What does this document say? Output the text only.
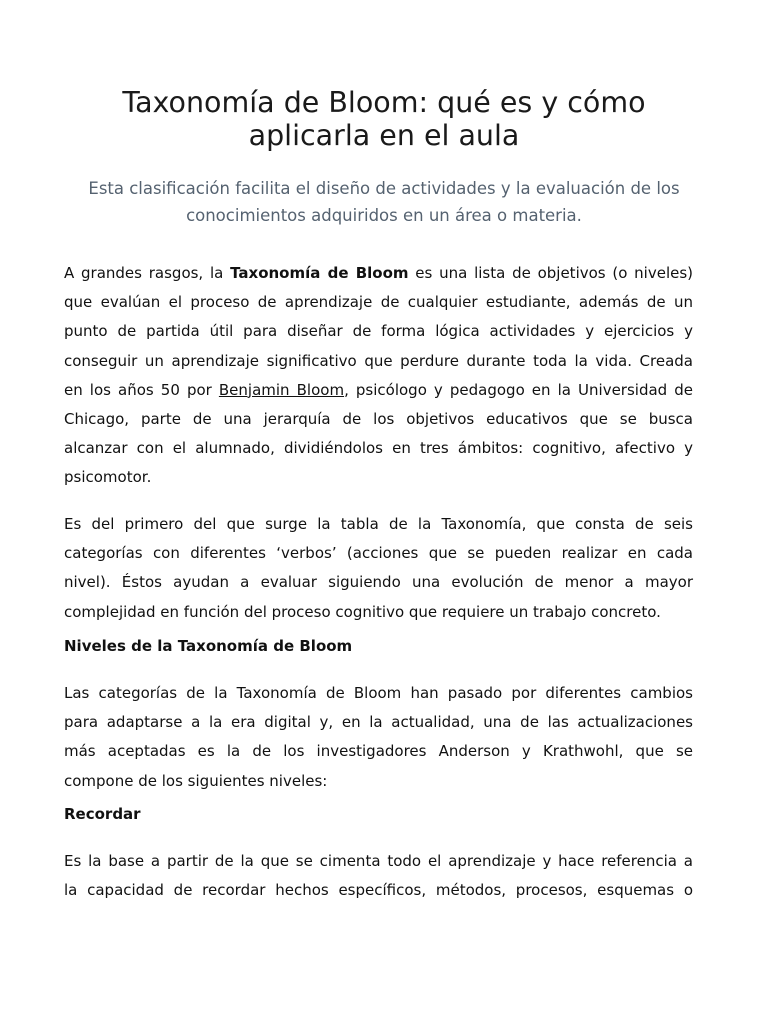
Taxonomía de Bloom: qué es y cómo aplicarla en el aula

Esta clasificación facilita el diseño de actividades y la evaluación de los conocimientos adquiridos en un área o materia.

A grandes rasgos, la Taxonomía de Bloom es una lista de objetivos (o niveles)
que evalúan el proceso de aprendizaje de cualquier estudiante, además de un
punto de partida útil para diseñar de forma lógica actividades y ejercicios y
conseguir un aprendizaje significativo que perdure durante toda la vida. Creada
en los años 50 por Benjamin Bloom, psicólogo y pedagogo en la Universidad de
Chicago, parte de una jerarquía de los objetivos educativos que se busca
alcanzar con el alumnado, dividiéndolos en tres ámbitos: cognitivo, afectivo y
psicomotor.
Es del primero del que surge la tabla de la Taxonomía, que consta de seis
categorías con diferentes ‘verbos’ (acciones que se pueden realizar en cada
nivel). Éstos ayudan a evaluar siguiendo una evolución de menor a mayor
complejidad en función del proceso cognitivo que requiere un trabajo concreto.
Niveles de la Taxonomía de Bloom
Las categorías de la Taxonomía de Bloom han pasado por diferentes cambios
para adaptarse a la era digital y, en la actualidad, una de las actualizaciones
más aceptadas es la de los investigadores Anderson y Krathwohl, que se
compone de los siguientes niveles:
Recordar
Es la base a partir de la que se cimenta todo el aprendizaje y hace referencia a
la capacidad de recordar hechos específicos, métodos, procesos, esquemas o
